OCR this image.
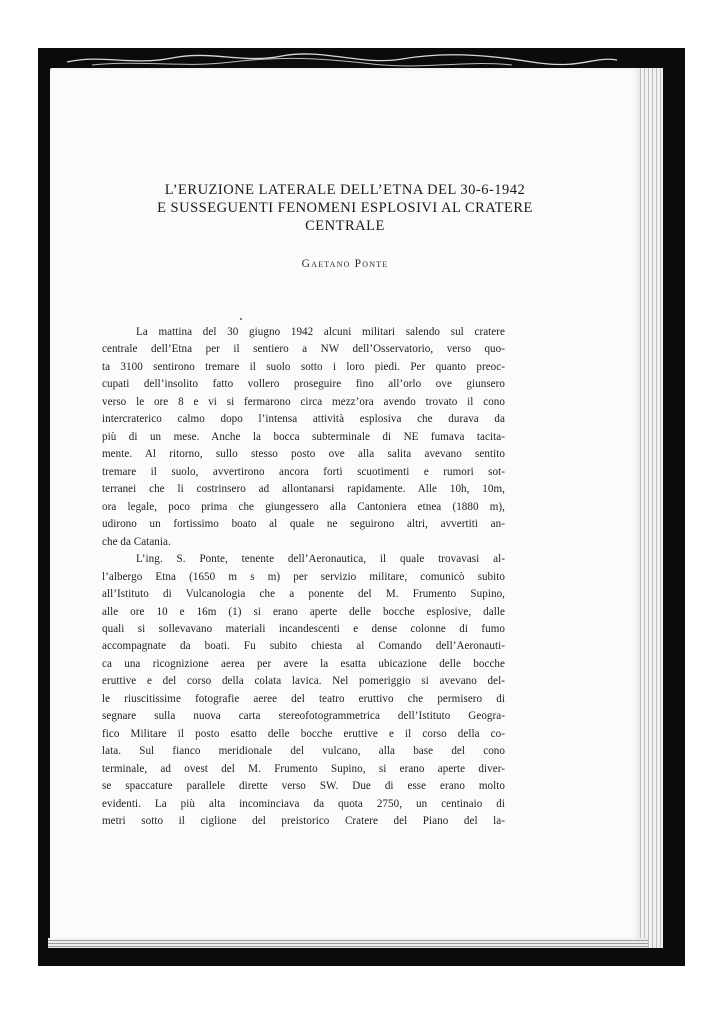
L’ERUZIONE LATERALE DELL’ETNA DEL 30-6-1942
E SUSSEGUENTI FENOMENI ESPLOSIVI AL CRATERE
CENTRALE
Gaetano Ponte

La mattina del 30 giugno 1942 alcuni militari salendo sul cratere
centrale dell’Etna per il sentiero a NW dell’Osservatorio, verso quo-
ta 3100 sentirono tremare il suolo sotto i loro piedi. Per quanto preoc-
cupati dell’insolito fatto vollero proseguire fino all’orlo ove giunsero
verso le ore 8 e vi si fermarono circa mezz’ora avendo trovato il cono
intercraterico calmo dopo l’intensa attività esplosiva che durava da
più di un mese. Anche la bocca subterminale di NE fumava tacita-
mente. Al ritorno, sullo stesso posto ove alla salita avevano sentito
tremare il suolo, avvertirono ancora forti scuotimenti e rumori sot-
terranei che li costrinsero ad allontanarsi rapidamente. Alle 10h, 10m,
ora legale, poco prima che giungessero alla Cantoniera etnea (1880 m),
udirono un fortissimo boato al quale ne seguirono altri, avvertiti an-
che da Catania.

L’ing. S. Ponte, tenente dell’Aeronautica, il quale trovavasi al-
l’albergo Etna (1650 m s m) per servizio militare, comunicò subito
all’Istituto di Vulcanologia che a ponente del M. Frumento Supino,
alle ore 10 e 16m (1) si erano aperte delle bocche esplosive, dalle
quali si sollevavano materiali incandescenti e dense colonne di fumo
accompagnate da boati. Fu subito chiesta al Comando dell’Aeronauti-
ca una ricognizione aerea per avere la esatta ubicazione delle bocche
eruttive e del corso della colata lavica. Nel pomeriggio si avevano del-
le riuscitissime fotografie aeree del teatro eruttivo che permisero di
segnare sulla nuova carta stereofotogrammetrica dell’Istituto Geogra-
fico Militare il posto esatto delle bocche eruttive e il corso della co-
lata. Sul fianco meridionale del vulcano, alla base del cono
terminale, ad ovest del M. Frumento Supino, si erano aperte diver-
se spaccature parallele dirette verso SW. Due di esse erano molto
evidenti. La più alta incominciava da quota 2750, un centinaio di
metri sotto il ciglione del preistorico Cratere del Piano del la-
